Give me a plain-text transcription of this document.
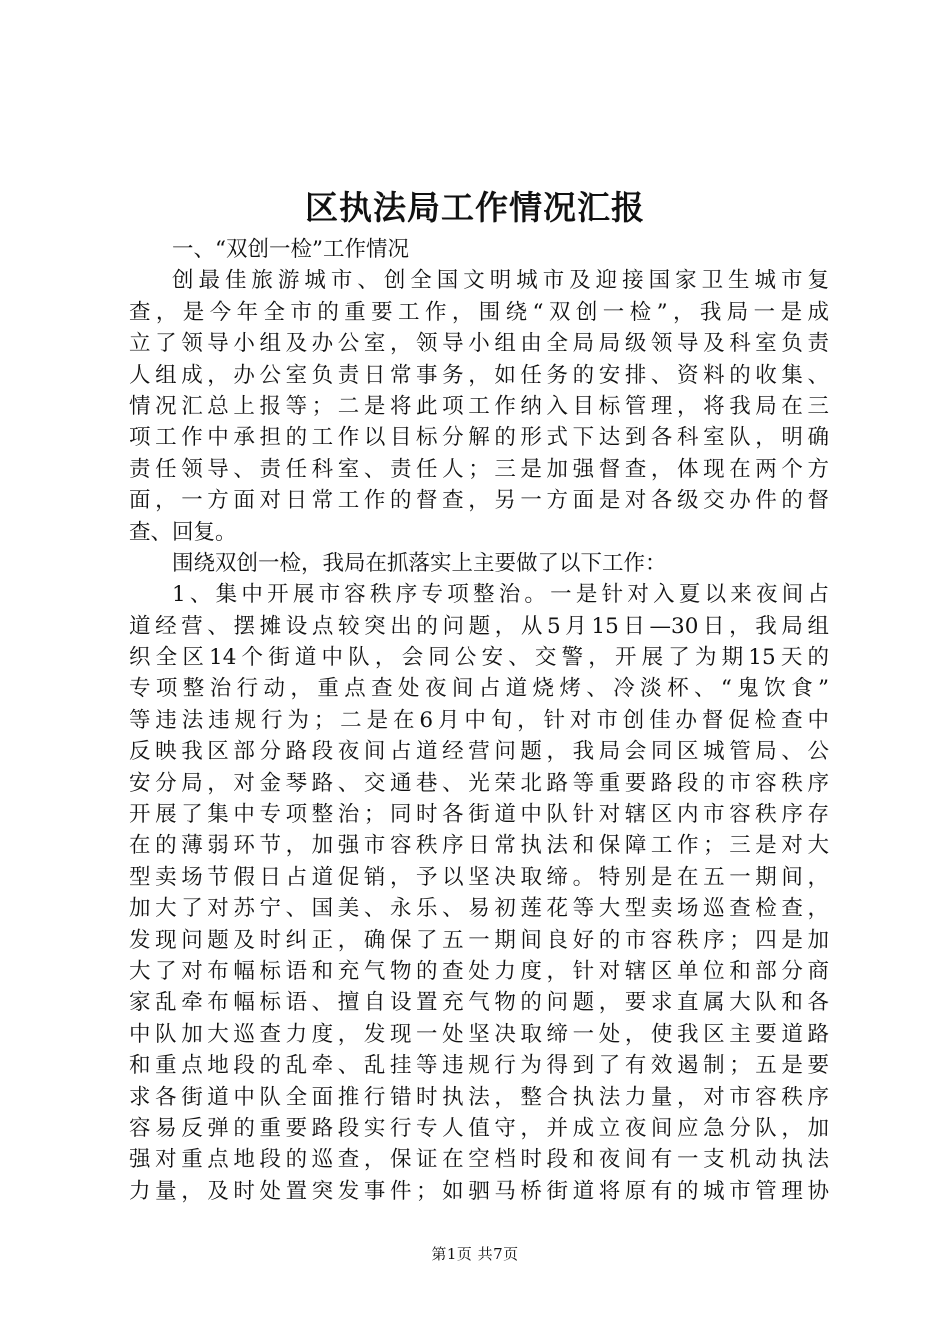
区执法局工作情况汇报
一、“双创一检”工作情况
创最佳旅游城市、创全国文明城市及迎接国家卫生城市复
查，是今年全市的重要工作，围绕“双创一检”，我局一是成
立了领导小组及办公室，领导小组由全局局级领导及科室负责
人组成，办公室负责日常事务，如任务的安排、资料的收集、
情况汇总上报等；二是将此项工作纳入目标管理，将我局在三
项工作中承担的工作以目标分解的形式下达到各科室队，明确
责任领导、责任科室、责任人；三是加强督查，体现在两个方
面，一方面对日常工作的督查，另一方面是对各级交办件的督
查、回复。
围绕双创一检，我局在抓落实上主要做了以下工作：
1、集中开展市容秩序专项整治。一是针对入夏以来夜间占
道经营、摆摊设点较突出的问题，从5月15日—30日，我局组
织全区14个街道中队，会同公安、交警，开展了为期15天的
专项整治行动，重点查处夜间占道烧烤、冷淡杯、“鬼饮食”
等违法违规行为；二是在6月中旬，针对市创佳办督促检查中
反映我区部分路段夜间占道经营问题，我局会同区城管局、公
安分局，对金琴路、交通巷、光荣北路等重要路段的市容秩序
开展了集中专项整治；同时各街道中队针对辖区内市容秩序存
在的薄弱环节，加强市容秩序日常执法和保障工作；三是对大
型卖场节假日占道促销，予以坚决取缔。特别是在五一期间，
加大了对苏宁、国美、永乐、易初莲花等大型卖场巡查检查，
发现问题及时纠正，确保了五一期间良好的市容秩序；四是加
大了对布幅标语和充气物的查处力度，针对辖区单位和部分商
家乱牵布幅标语、擅自设置充气物的问题，要求直属大队和各
中队加大巡查力度，发现一处坚决取缔一处，使我区主要道路
和重点地段的乱牵、乱挂等违规行为得到了有效遏制；五是要
求各街道中队全面推行错时执法，整合执法力量，对市容秩序
容易反弹的重要路段实行专人值守，并成立夜间应急分队，加
强对重点地段的巡查，保证在空档时段和夜间有一支机动执法
力量，及时处置突发事件；如驷马桥街道将原有的城市管理协
第1页 共7页
